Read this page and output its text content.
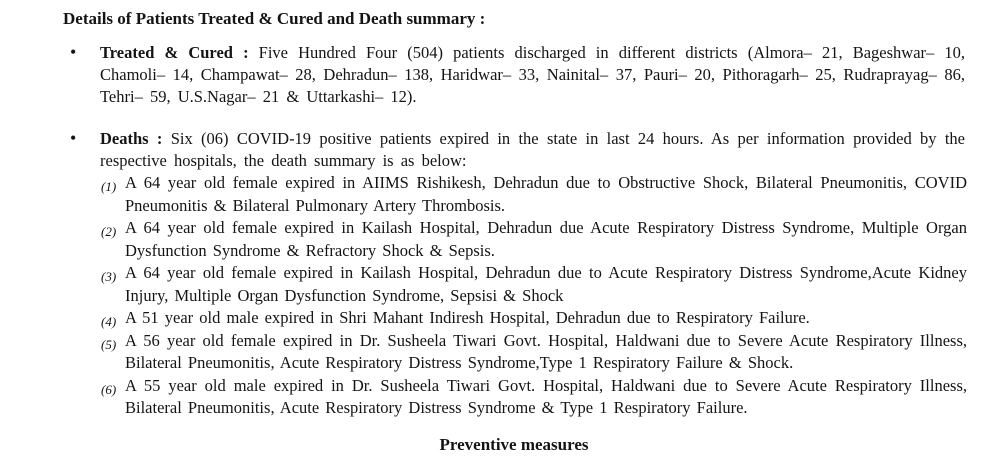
Details of Patients Treated & Cured and Death summary :
• Treated & Cured : Five Hundred Four (504) patients discharged in different districts (Almora– 21, Bageshwar– 10, Chamoli– 14, Champawat– 28, Dehradun– 138, Haridwar– 33, Nainital– 37, Pauri– 20, Pithoragarh– 25, Rudraprayag– 86, Tehri– 59, U.S.Nagar– 21 & Uttarkashi– 12).
• Deaths : Six (06) COVID-19 positive patients expired in the state in last 24 hours. As per information provided by the respective hospitals, the death summary is as below:
(1) A 64 year old female expired in AIIMS Rishikesh, Dehradun due to Obstructive Shock, Bilateral Pneumonitis, COVID Pneumonitis & Bilateral Pulmonary Artery Thrombosis.
(2) A 64 year old female expired in Kailash Hospital, Dehradun due Acute Respiratory Distress Syndrome, Multiple Organ Dysfunction Syndrome & Refractory Shock & Sepsis.
(3) A 64 year old female expired in Kailash Hospital, Dehradun due to Acute Respiratory Distress Syndrome,Acute Kidney Injury, Multiple Organ Dysfunction Syndrome, Sepsisi & Shock
(4) A 51 year old male expired in Shri Mahant Indiresh Hospital, Dehradun due to Respiratory Failure.
(5) A 56 year old female expired in Dr. Susheela Tiwari Govt. Hospital, Haldwani due to Severe Acute Respiratory Illness, Bilateral Pneumonitis, Acute Respiratory Distress Syndrome,Type 1 Respiratory Failure & Shock.
(6) A 55 year old male expired in Dr. Susheela Tiwari Govt. Hospital, Haldwani due to Severe Acute Respiratory Illness, Bilateral Pneumonitis, Acute Respiratory Distress Syndrome & Type 1 Respiratory Failure.
Preventive measures
